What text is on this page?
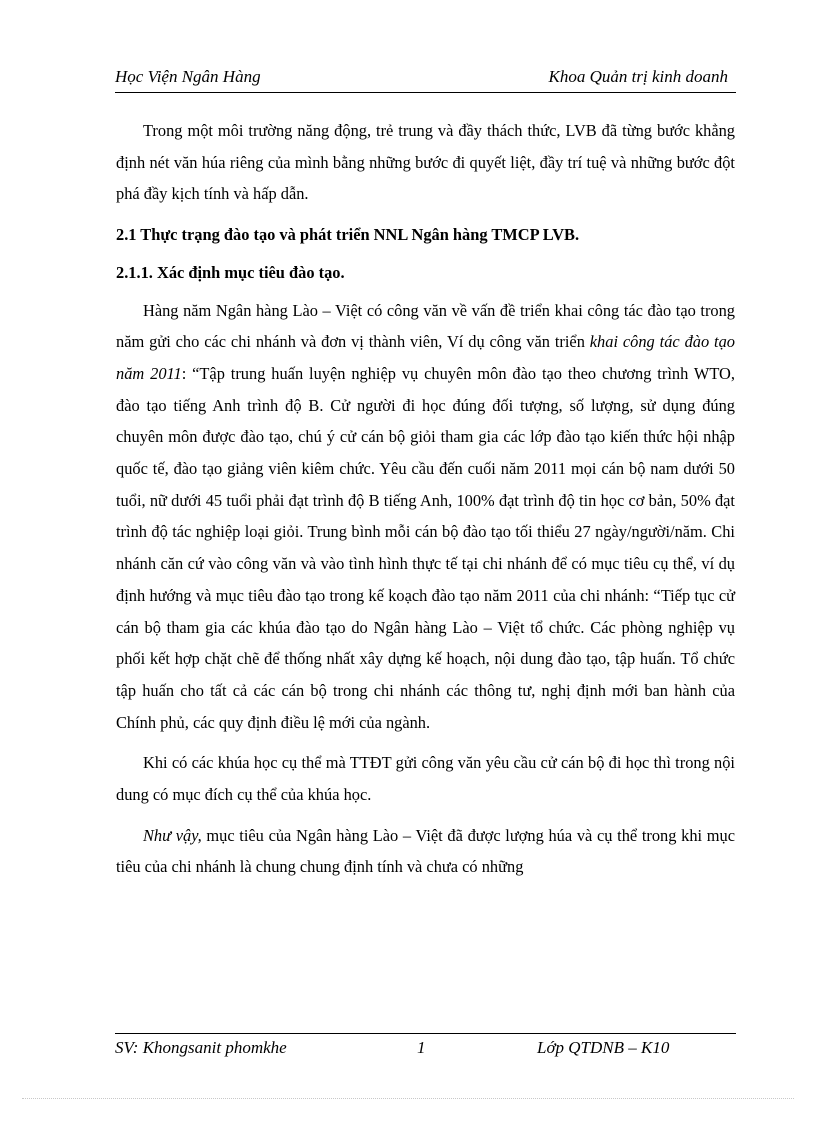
Học Viện Ngân Hàng	Khoa Quản trị kinh doanh

Trong một môi trường năng động, trẻ trung và đầy thách thức, LVB đã từng bước khẳng định nét văn húa riêng của mình bằng những bước đi quyết liệt, đầy trí tuệ và những bước đột phá đầy kịch tính và hấp dẫn.

2.1 Thực trạng đào tạo và phát triển NNL Ngân hàng TMCP LVB.

2.1.1. Xác định mục tiêu đào tạo.

Hàng năm Ngân hàng Lào – Việt có công văn về vấn đề triển khai công tác đào tạo trong năm gửi cho các chi nhánh và đơn vị thành viên, Ví dụ công văn triển khai công tác đào tạo năm 2011: “Tập trung huấn luyện nghiệp vụ chuyên môn đào tạo theo chương trình WTO, đào tạo tiếng Anh trình độ B. Cử người đi học đúng đối tượng, số lượng, sử dụng đúng chuyên môn được đào tạo, chú ý cử cán bộ giỏi tham gia các lớp đào tạo kiến thức hội nhập quốc tế, đào tạo giảng viên kiêm chức. Yêu cầu đến cuối năm 2011 mọi cán bộ nam dưới 50 tuổi, nữ dưới 45 tuổi phải đạt trình độ B tiếng Anh, 100% đạt trình độ tin học cơ bản, 50% đạt trình độ tác nghiệp loại giỏi. Trung bình mỗi cán bộ đào tạo tối thiểu 27 ngày/người/năm. Chi nhánh căn cứ vào công văn và vào tình hình thực tế tại chi nhánh để có mục tiêu cụ thể, ví dụ định hướng và mục tiêu đào tạo trong kế koạch đào tạo năm 2011 của chi nhánh: “Tiếp tục cử cán bộ tham gia các khúa đào tạo do Ngân hàng Lào – Việt tổ chức. Các phòng nghiệp vụ phối kết hợp chặt chẽ để thống nhất xây dựng kế hoạch, nội dung đào tạo, tập huấn. Tổ chức tập huấn cho tất cả các cán bộ trong chi nhánh các thông tư, nghị định mới ban hành của Chính phủ, các quy định điều lệ mới của ngành.

Khi có các khúa học cụ thể mà TTĐT gửi công văn yêu cầu cử cán bộ đi học thì trong nội dung có mục đích cụ thể của khúa học.

Như vậy, mục tiêu của Ngân hàng Lào – Việt đã được lượng húa và cụ thể trong khi mục tiêu của chi nhánh là chung chung định tính và chưa có những

SV: Khongsanit phomkhe	1	Lớp QTDNB – K10
